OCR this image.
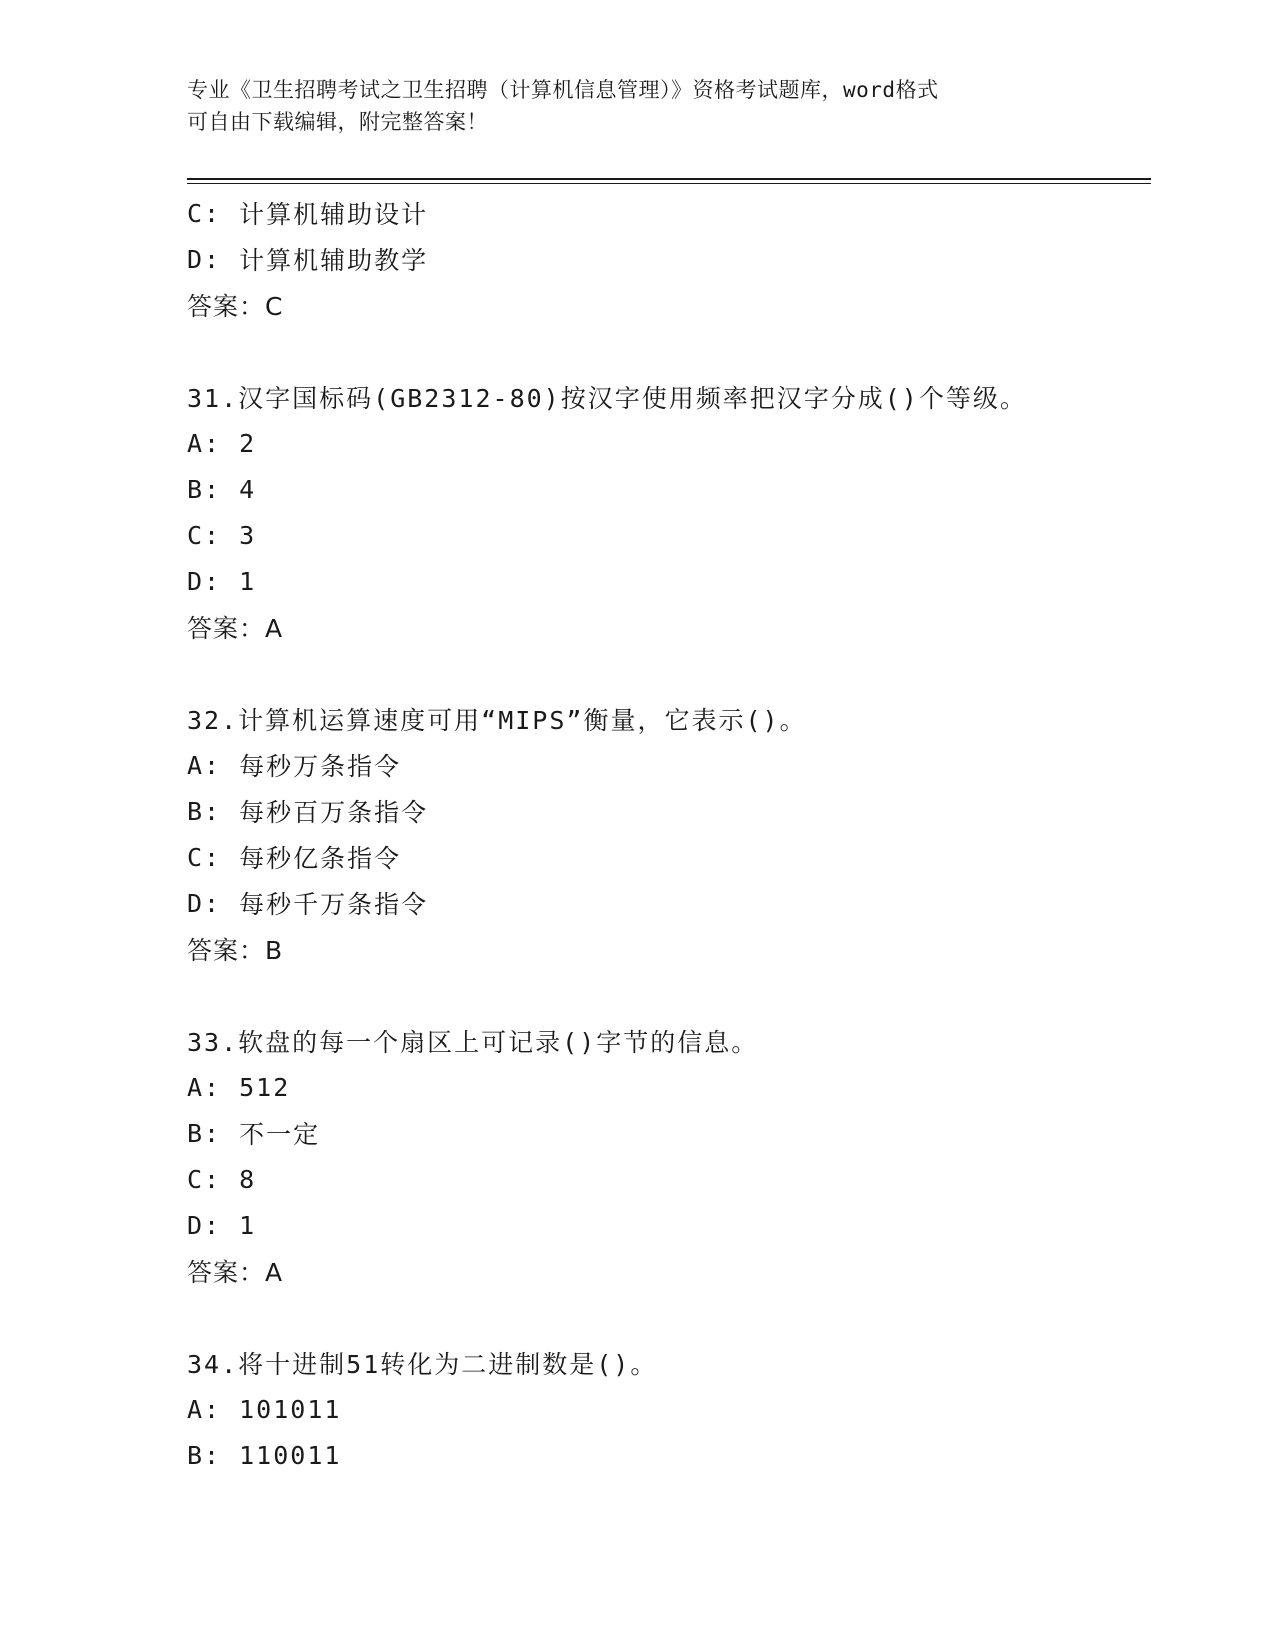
专业《卫生招聘考试之卫生招聘（计算机信息管理）》资格考试题库，word格式
可自由下载编辑，附完整答案！
C: 计算机辅助设计
D: 计算机辅助教学
答案：C
31.汉字国标码(GB2312-80)按汉字使用频率把汉字分成()个等级。
A: 2
B: 4
C: 3
D: 1
答案：A
32.计算机运算速度可用“MIPS”衡量，它表示()。
A: 每秒万条指令
B: 每秒百万条指令
C: 每秒亿条指令
D: 每秒千万条指令
答案：B
33.软盘的每一个扇区上可记录()字节的信息。
A: 512
B: 不一定
C: 8
D: 1
答案：A
34.将十进制51转化为二进制数是()。
A: 101011
B: 110011
